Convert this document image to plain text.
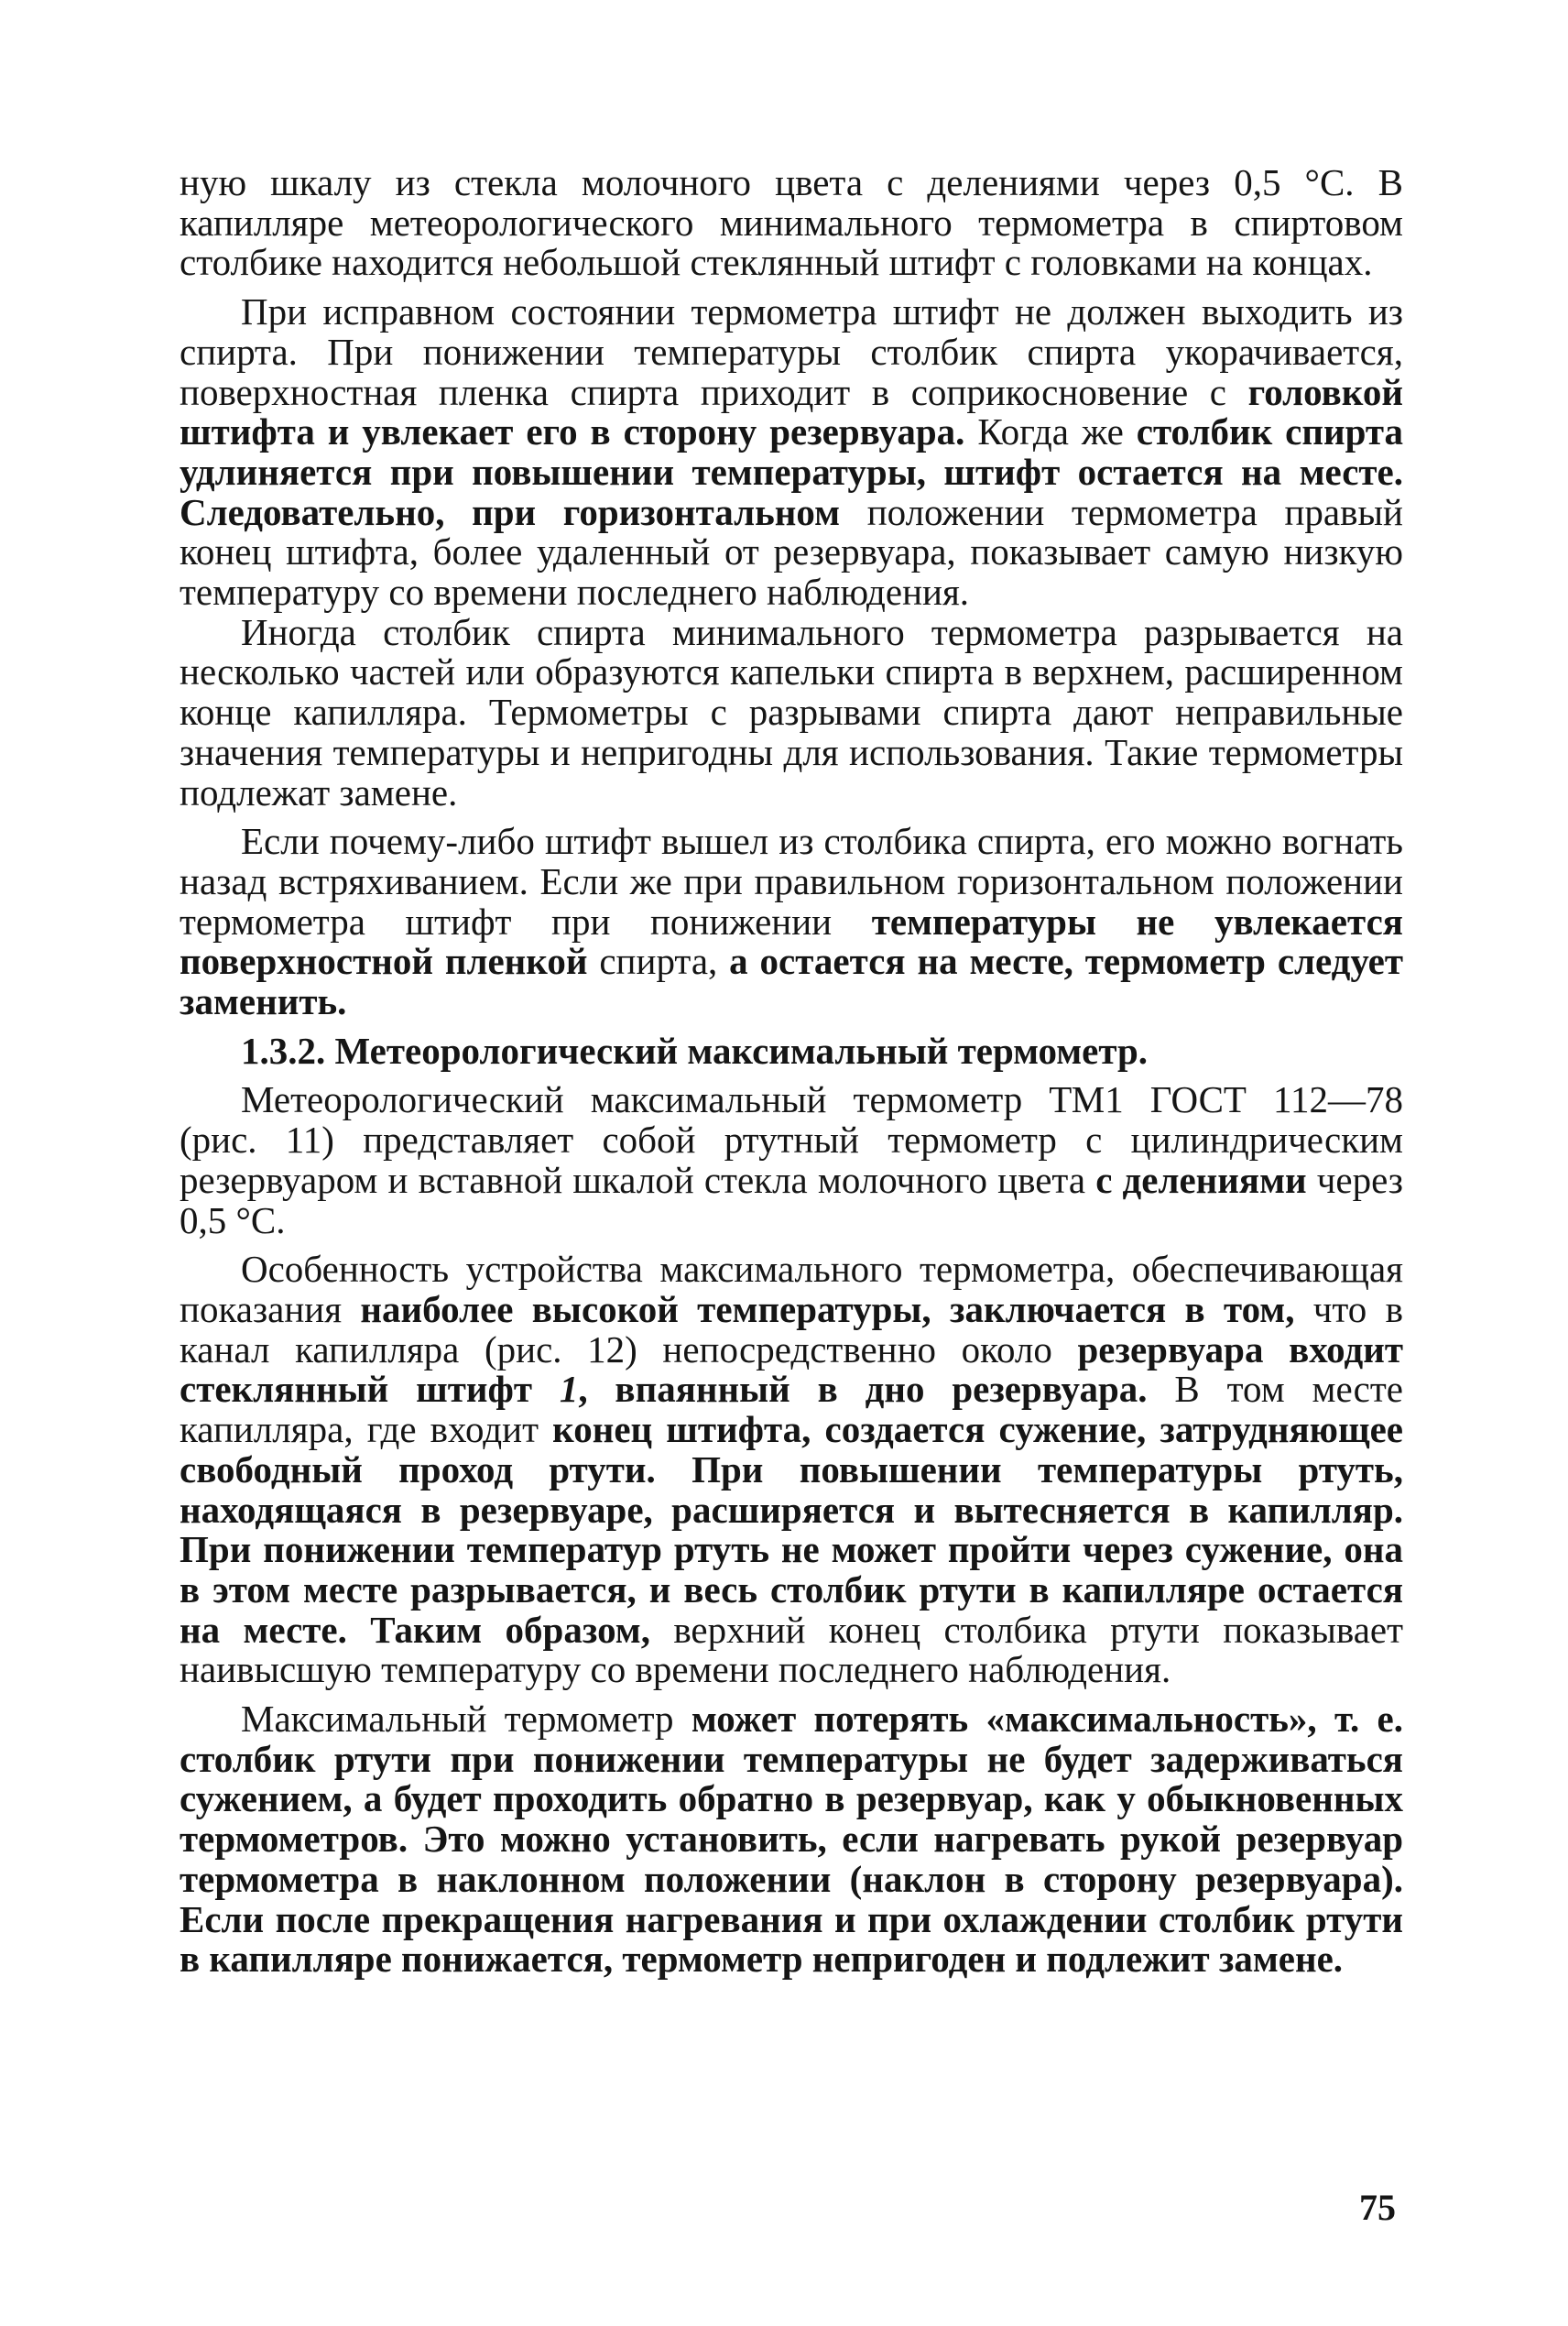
ную шкалу из стекла молочного цвета с делениями через 0,5 °С. В капилляре метеорологического минимального термометра в спиртовом столбике находится небольшой стеклянный штифт с головками на концах.

При исправном состоянии термометра штифт не должен выходить из спирта. При понижении температуры столбик спирта укорачивается, поверхностная пленка спирта приходит в соприкосновение с головкой штифта и увлекает его в сторону резервуара. Когда же столбик спирта удлиняется при повышении температуры, штифт остается на месте. Следовательно, при горизонтальном положении термометра правый конец штифта, более удаленный от резервуара, показывает самую низкую температуру со времени последнего наблюдения.

Иногда столбик спирта минимального термометра разрывается на несколько частей или образуются капельки спирта в верхнем, расширенном конце капилляра. Термометры с разрывами спирта дают неправильные значения температуры и непригодны для использования. Такие термометры подлежат замене.

Если почему-либо штифт вышел из столбика спирта, его можно вогнать назад встряхиванием. Если же при правильном горизонтальном положении термометра штифт при понижении температуры не увлекается поверхностной пленкой спирта, а остается на месте, термометр следует заменить.

1.3.2. Метеорологический максимальный термометр.

Метеорологический максимальный термометр ТМ1 ГОСТ 112—78 (рис. 11) представляет собой ртутный термометр с цилиндрическим резервуаром и вставной шкалой стекла молочного цвета с делениями через 0,5 °С.

Особенность устройства максимального термометра, обеспечивающая показания наиболее высокой температуры, заключается в том, что в канал капилляра (рис. 12) непосредственно около резервуара входит стеклянный штифт 1, впаянный в дно резервуара. В том месте капилляра, где входит конец штифта, создается сужение, затрудняющее свободный проход ртути. При повышении температуры ртуть, находящаяся в резервуаре, расширяется и вытесняется в капилляр. При понижении температур ртуть не может пройти через сужение, она в этом месте разрывается, и весь столбик ртути в капилляре остается на месте. Таким образом, верхний конец столбика ртути показывает наивысшую температуру со времени последнего наблюдения.

Максимальный термометр может потерять «максимальность», т. е. столбик ртути при понижении температуры не будет задерживаться сужением, а будет проходить обратно в резервуар, как у обыкновенных термометров. Это можно установить, если нагревать рукой резервуар термометра в наклонном положении (наклон в сторону резервуара). Если после прекращения нагревания и при охлаждении столбик ртути в капилляре понижается, термометр непригоден и подлежит замене.

75
